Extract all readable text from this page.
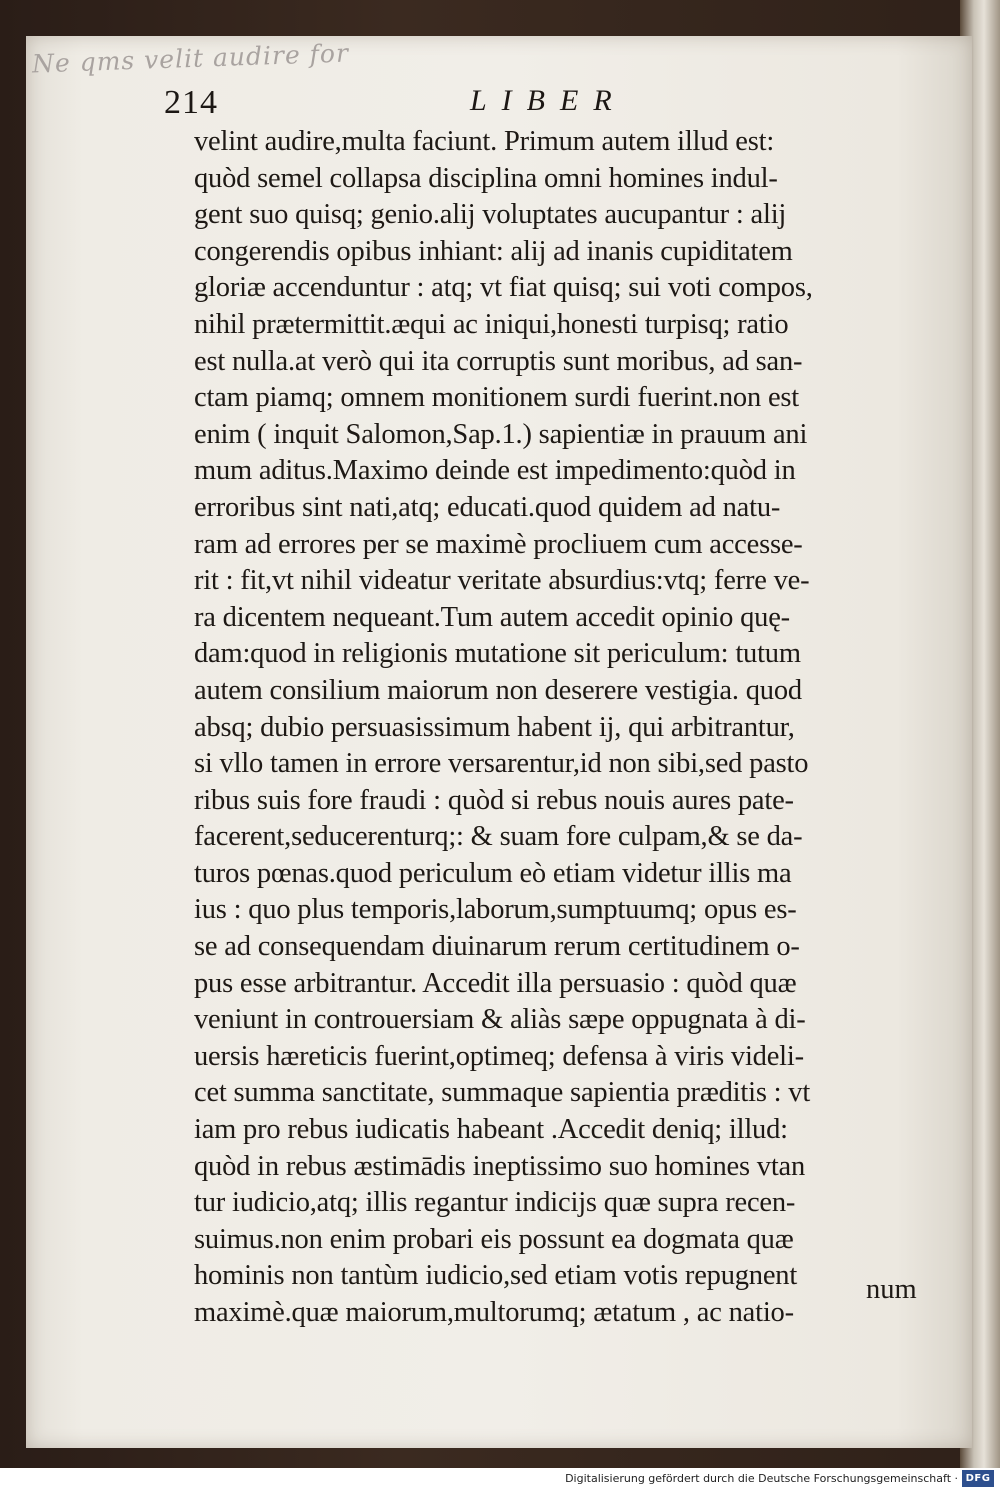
Ne qms velit audire for
214	LIBER
velint audire,multa faciunt. Primum autem illud est:
quòd semel collapsa disciplina omni homines indul-
gent suo quisq; genio.alij voluptates aucupantur : alij
congerendis opibus inhiant: alij ad inanis cupiditatem
gloriæ accenduntur : atq; vt fiat quisq; sui voti compos,
nihil prætermittit.æqui ac iniqui,honesti turpisq; ratio
est nulla.at verò qui ita corruptis sunt moribus, ad san-
ctam piamq; omnem monitionem surdi fuerint.non est
enim ( inquit Salomon,Sap.1.) sapientiæ in prauum ani
mum aditus.Maximo deinde est impedimento:quòd in
erroribus sint nati,atq; educati.quod quidem ad natu-
ram ad errores per se maximè procliuem cum accesse-
rit : fit,vt nihil videatur veritate absurdius:vtq; ferre ve-
ra dicentem nequeant.Tum autem accedit opinio quę-
dam:quod in religionis mutatione sit periculum: tutum
autem consilium maiorum non deserere vestigia. quod
absq; dubio persuasissimum habent ij, qui arbitrantur,
si vllo tamen in errore versarentur,id non sibi,sed pasto
ribus suis fore fraudi : quòd si rebus nouis aures pate-
facerent,seducerenturq;: & suam fore culpam,& se da-
turos pœnas.quod periculum eò etiam videtur illis ma
ius : quo plus temporis,laborum,sumptuumq; opus es-
se ad consequendam diuinarum rerum certitudinem o-
pus esse arbitrantur. Accedit illa persuasio : quòd quæ
veniunt in controuersiam & aliàs sæpe oppugnata à di-
uersis hæreticis fuerint,optimeq; defensa à viris videli-
cet summa sanctitate, summaque sapientia præditis : vt
iam pro rebus iudicatis habeant .Accedit deniq; illud:
quòd in rebus æstimādis ineptissimo suo homines vtan
tur iudicio,atq; illis regantur indicijs quæ supra recen-
suimus.non enim probari eis possunt ea dogmata quæ
hominis non tantùm iudicio,sed etiam votis repugnent
maximè.quæ maiorum,multorumq; ætatum , ac natio-
num
Digitalisierung gefördert durch die Deutsche Forschungsgemeinschaft · DFG
